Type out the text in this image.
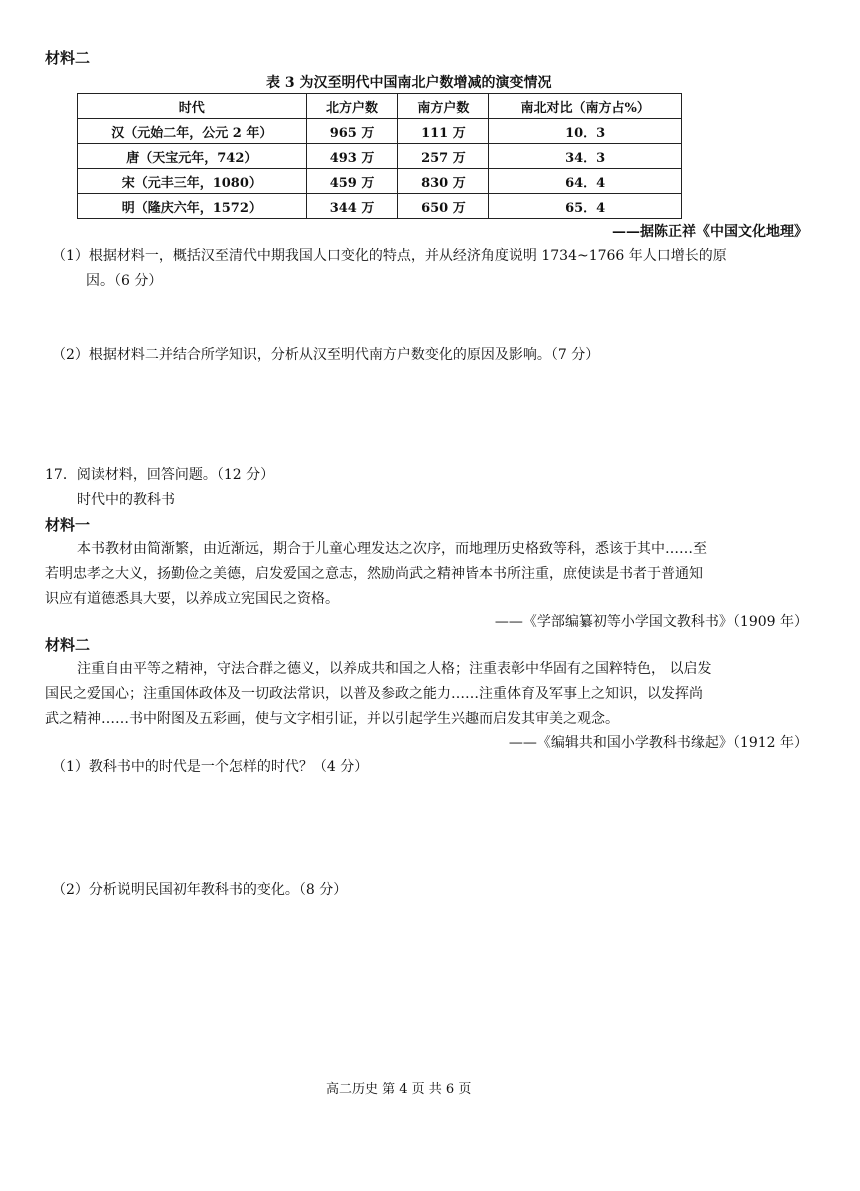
材料二
表 3 为汉至明代中国南北户数增减的演变情况
时代	北方户数	南方户数	南北对比（南方占%）
汉（元始二年，公元 2 年）	965 万	111 万	10．3
唐（天宝元年，742）	493 万	257 万	34．3
宋（元丰三年，1080）	459 万	830 万	64．4
明（隆庆六年，1572）	344 万	650 万	65．4
——据陈正祥《中国文化地理》
（1）根据材料一，概括汉至清代中期我国人口变化的特点，并从经济角度说明 1734~1766 年人口增长的原
因。（6 分）
（2）根据材料二并结合所学知识，分析从汉至明代南方户数变化的原因及影响。（7 分）
17．阅读材料，回答问题。（12 分）
时代中的教科书
材料一
本书教材由简渐繁，由近渐远，期合于儿童心理发达之次序，而地理历史格致等科，悉该于其中……至
若明忠孝之大义，扬勤俭之美德，启发爱国之意志，然励尚武之精神皆本书所注重，庶使读是书者于普通知
识应有道德悉具大要，以养成立宪国民之资格。
——《学部编纂初等小学国文教科书》（1909 年）
材料二
注重自由平等之精神，守法合群之德义，以养成共和国之人格；注重表彰中华固有之国粹特色， 以启发
国民之爱国心；注重国体政体及一切政法常识，以普及参政之能力……注重体育及军事上之知识，以发挥尚
武之精神……书中附图及五彩画，使与文字相引证，并以引起学生兴趣而启发其审美之观念。
——《编辑共和国小学教科书缘起》（1912 年）
（1）教科书中的时代是一个怎样的时代？（4 分）
（2）分析说明民国初年教科书的变化。（8 分）
高二历史 第 4 页 共 6 页
